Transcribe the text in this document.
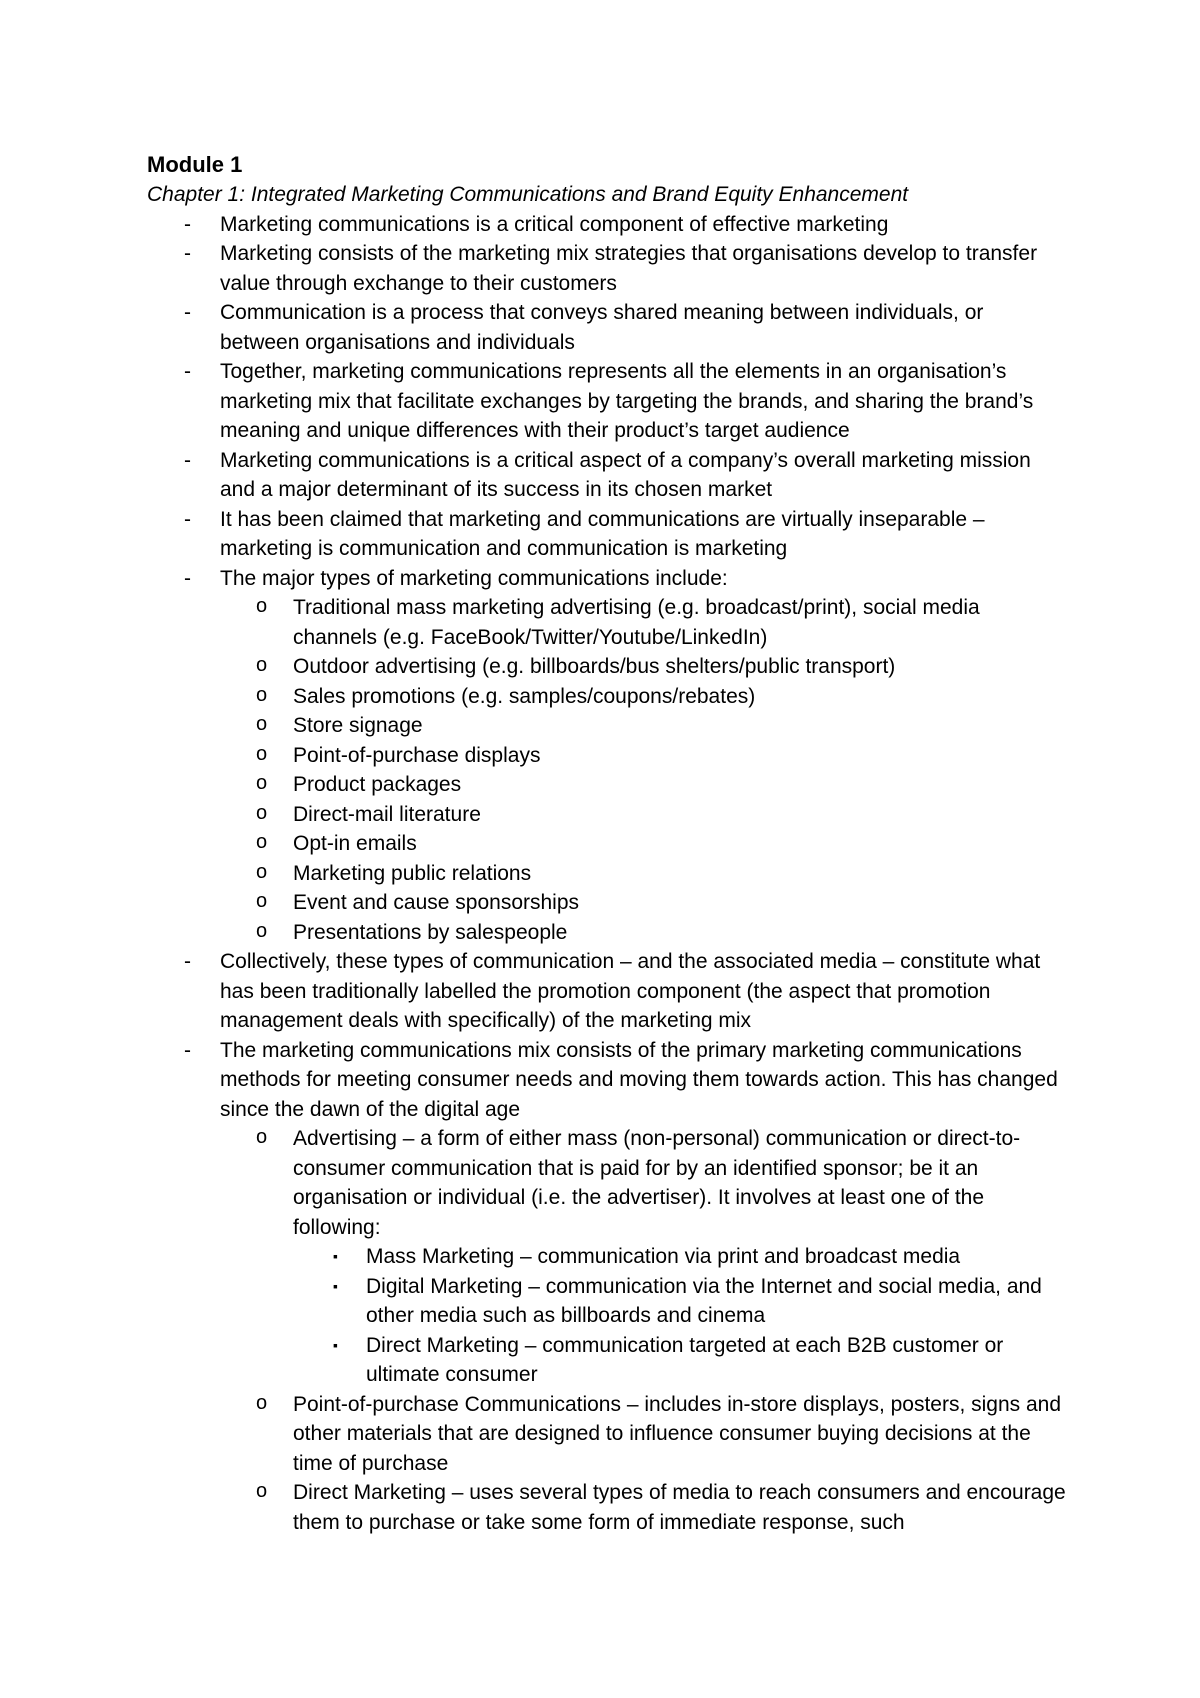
Module 1

Chapter 1: Integrated Marketing Communications and Brand Equity Enhancement

- Marketing communications is a critical component of effective marketing
- Marketing consists of the marketing mix strategies that organisations develop to transfer value through exchange to their customers
- Communication is a process that conveys shared meaning between individuals, or between organisations and individuals
- Together, marketing communications represents all the elements in an organisation’s marketing mix that facilitate exchanges by targeting the brands, and sharing the brand’s meaning and unique differences with their product’s target audience
- Marketing communications is a critical aspect of a company’s overall marketing mission and a major determinant of its success in its chosen market
- It has been claimed that marketing and communications are virtually inseparable – marketing is communication and communication is marketing
- The major types of marketing communications include:
o Traditional mass marketing advertising (e.g. broadcast/print), social media channels (e.g. FaceBook/Twitter/Youtube/LinkedIn)
o Outdoor advertising (e.g. billboards/bus shelters/public transport)
o Sales promotions (e.g. samples/coupons/rebates)
o Store signage
o Point-of-purchase displays
o Product packages
o Direct-mail literature
o Opt-in emails
o Marketing public relations
o Event and cause sponsorships
o Presentations by salespeople
- Collectively, these types of communication – and the associated media – constitute what has been traditionally labelled the promotion component (the aspect that promotion management deals with specifically) of the marketing mix
- The marketing communications mix consists of the primary marketing communications methods for meeting consumer needs and moving them towards action. This has changed since the dawn of the digital age
o Advertising – a form of either mass (non-personal) communication or direct-to-consumer communication that is paid for by an identified sponsor; be it an organisation or individual (i.e. the advertiser). It involves at least one of the following:
▪ Mass Marketing – communication via print and broadcast media
▪ Digital Marketing – communication via the Internet and social media, and other media such as billboards and cinema
▪ Direct Marketing – communication targeted at each B2B customer or ultimate consumer
o Point-of-purchase Communications – includes in-store displays, posters, signs and other materials that are designed to influence consumer buying decisions at the time of purchase
o Direct Marketing – uses several types of media to reach consumers and encourage them to purchase or take some form of immediate response, such
